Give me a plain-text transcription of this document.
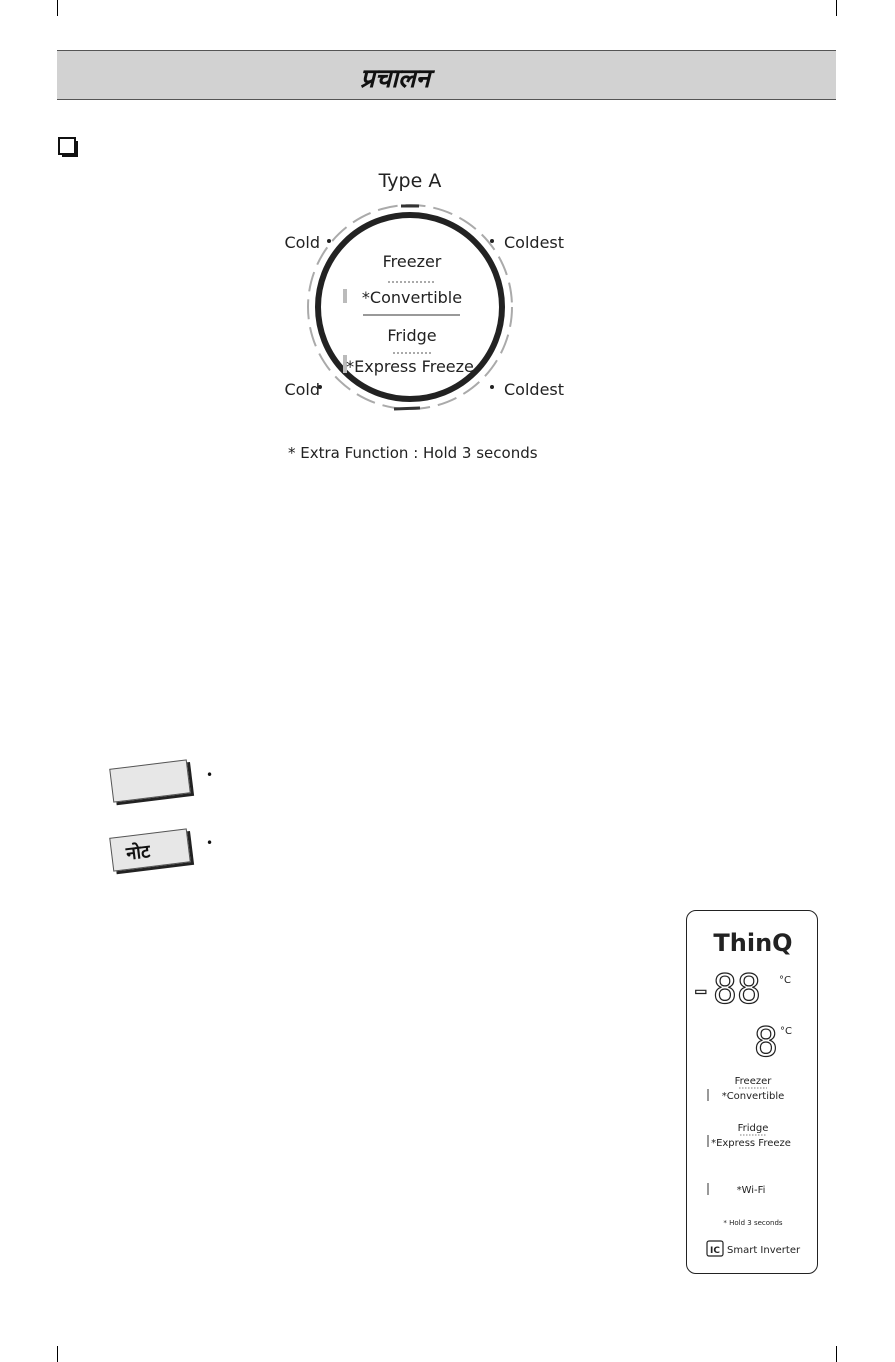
प्रचालन
Type A
Cold	Coldest
Cold	Coldest
Freezer
*Convertible
Fridge
*Express Freeze
* Extra Function : Hold 3 seconds
•
नोट	•
ThinQ
-88 °C
8 °C
Freezer
*Convertible
Fridge
*Express Freeze
*Wi-Fi
* Hold 3 seconds
IC Smart Inverter
